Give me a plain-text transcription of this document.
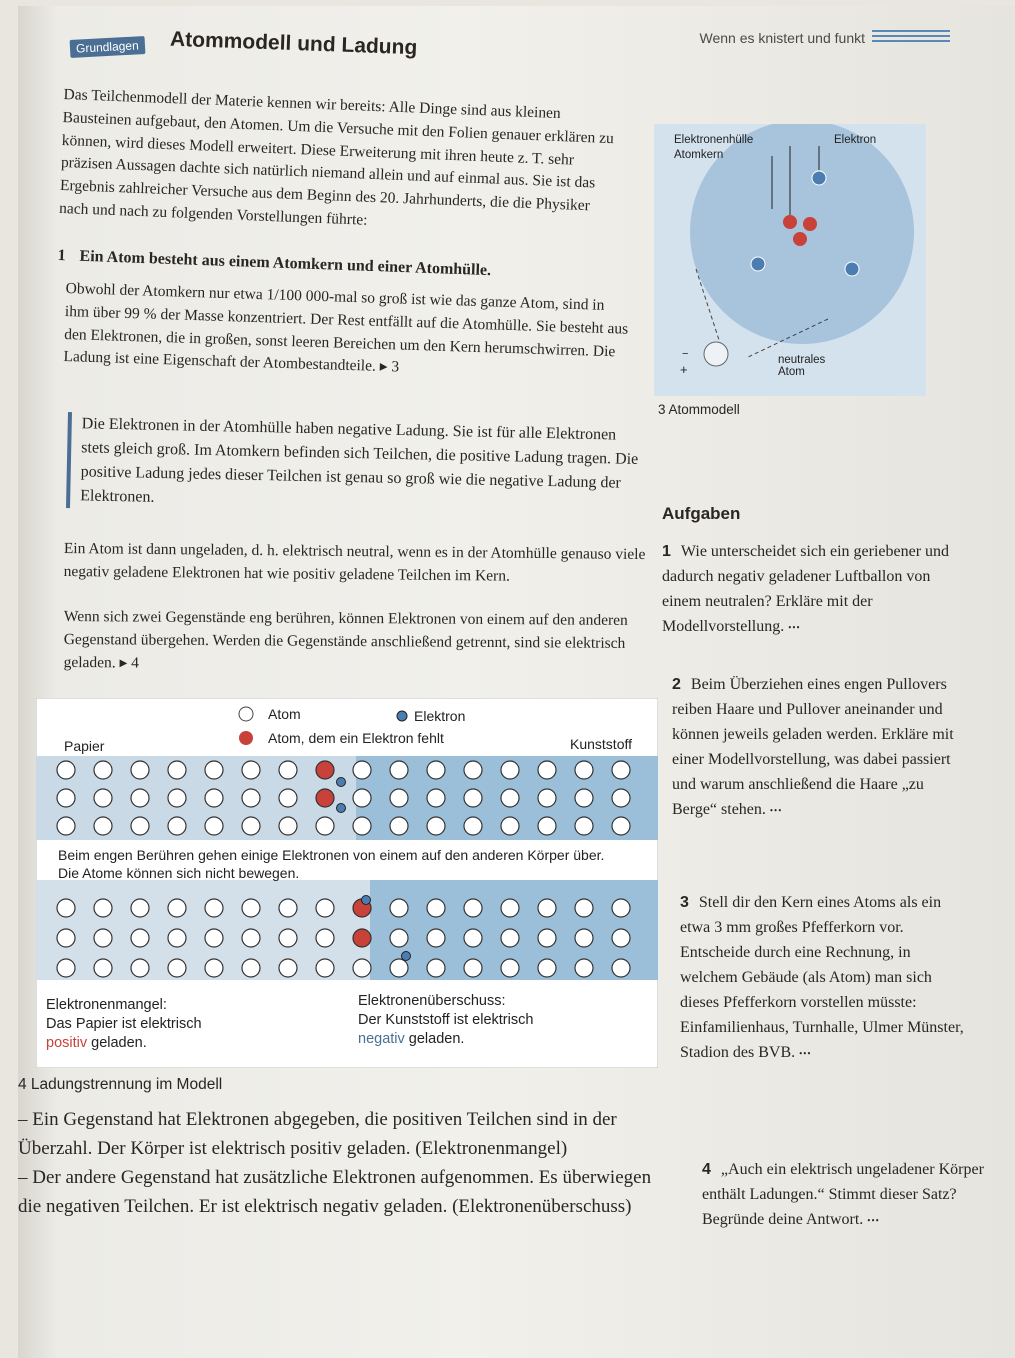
Wenn es knistert und funkt
Grundlagen Atommodell und Ladung
Das Teilchenmodell der Materie kennen wir bereits: Alle Dinge sind aus kleinen Bausteinen aufgebaut, den Atomen. Um die Versuche mit den Folien genauer erklären zu können, wird dieses Modell erweitert. Diese Erweiterung mit ihren heute z. T. sehr präzisen Aussagen dachte sich natürlich niemand allein und auf einmal aus. Sie ist das Ergebnis zahlreicher Versuche aus dem Beginn des 20. Jahrhunderts, die die Physiker nach und nach zu folgenden Vorstellungen führte:
1 Ein Atom besteht aus einem Atomkern und einer Atomhülle.
Obwohl der Atomkern nur etwa 1/100 000-mal so groß ist wie das ganze Atom, sind in ihm über 99 % der Masse konzentriert. Der Rest entfällt auf die Atomhülle. Sie besteht aus den Elektronen, die in großen, sonst leeren Bereichen um den Kern herumschwirren. Die Ladung ist eine Eigenschaft der Atombestandteile. ▸ 3
Die Elektronen in der Atomhülle haben negative Ladung. Sie ist für alle Elektronen stets gleich groß. Im Atomkern befinden sich Teilchen, die positive Ladung tragen. Die positive Ladung jedes dieser Teilchen ist genau so groß wie die negative Ladung der Elektronen.
Ein Atom ist dann ungeladen, d. h. elektrisch neutral, wenn es in der Atomhülle genauso viele negativ geladene Elektronen hat wie positiv geladene Teilchen im Kern.
Wenn sich zwei Gegenstände eng berühren, können Elektronen von einem auf den anderen Gegenstand übergehen. Werden die Gegenstände anschließend getrennt, sind sie elektrisch geladen. ▸ 4
+
−
Elektronenhülle
Atomkern
Elektron
neutrales Atom
3 Atommodell
Aufgaben
1 Wie unterscheidet sich ein geriebener und dadurch negativ geladener Luftballon von einem neutralen? Erkläre mit der Modellvorstellung. •••
2 Beim Überziehen eines engen Pullovers reiben Haare und Pullover aneinander und können jeweils geladen werden. Erkläre mit einer Modellvorstellung, was dabei passiert und warum anschließend die Haare „zu Berge“ stehen. •••
3 Stell dir den Kern eines Atoms als ein etwa 3 mm großes Pfefferkorn vor. Entscheide durch eine Rechnung, in welchem Gebäude (als Atom) man sich dieses Pfefferkorn vorstellen müsste: Einfamilienhaus, Turnhalle, Ulmer Münster, Stadion des BVB. •••
4 „Auch ein elektrisch ungeladener Körper enthält Ladungen.“ Stimmt dieser Satz? Begründe deine Antwort. •••
Atom	Elektron
Atom, dem ein Elektron fehlt
Papier	Kunststoff
Beim engen Berühren gehen einige Elektronen von einem auf den anderen Körper über. Die Atome können sich nicht bewegen.
Elektronenmangel:
Das Papier ist elektrisch
positiv geladen.
Elektronenüberschuss:
Der Kunststoff ist elektrisch
negativ geladen.
4 Ladungstrennung im Modell
– Ein Gegenstand hat Elektronen abgegeben, die positiven Teilchen sind in der Überzahl. Der Körper ist elektrisch positiv geladen. (Elektronenmangel)
– Der andere Gegenstand hat zusätzliche Elektronen aufgenommen. Es überwiegen die negativen Teilchen. Er ist elektrisch negativ geladen. (Elektronenüberschuss)
